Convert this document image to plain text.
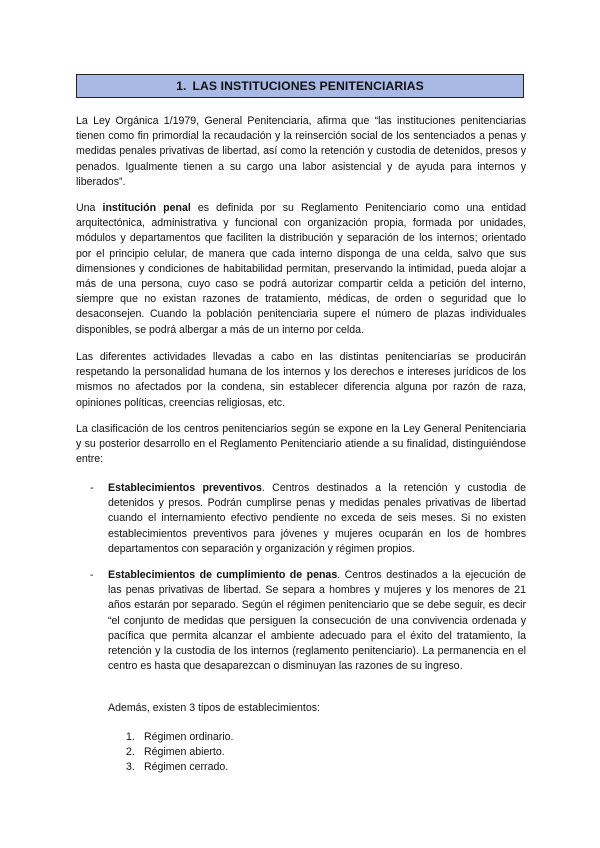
1. LAS INSTITUCIONES PENITENCIARIAS

La Ley Orgánica 1/1979, General Penitenciaria, afirma que “las instituciones penitenciarias tienen como fin primordial la recaudación y la reinserción social de los sentenciados a penas y medidas penales privativas de libertad, así como la retención y custodia de detenidos, presos y penados. Igualmente tienen a su cargo una labor asistencial y de ayuda para internos y liberados”.

Una institución penal es definida por su Reglamento Penitenciario como una entidad arquitectónica, administrativa y funcional con organización propia, formada por unidades, módulos y departamentos que faciliten la distribución y separación de los internos; orientado por el principio celular, de manera que cada interno disponga de una celda, salvo que sus dimensiones y condiciones de habitabilidad permitan, preservando la intimidad, pueda alojar a más de una persona, cuyo caso se podrá autorizar compartir celda a petición del interno, siempre que no existan razones de tratamiento, médicas, de orden o seguridad que lo desaconsejen. Cuando la población penitenciaria supere el número de plazas individuales disponibles, se podrá albergar a más de un interno por celda.

Las diferentes actividades llevadas a cabo en las distintas penitenciarías se producirán respetando la personalidad humana de los internos y los derechos e intereses jurídicos de los mismos no afectados por la condena, sin establecer diferencia alguna por razón de raza, opiniones políticas, creencias religiosas, etc.

La clasificación de los centros penitenciarios según se expone en la Ley General Penitenciaria y su posterior desarrollo en el Reglamento Penitenciario atiende a su finalidad, distinguiéndose entre:

- Establecimientos preventivos. Centros destinados a la retención y custodia de detenidos y presos. Podrán cumplirse penas y medidas penales privativas de libertad cuando el internamiento efectivo pendiente no exceda de seis meses. Si no existen establecimientos preventivos para jóvenes y mujeres ocuparán en los de hombres departamentos con separación y organización y régimen propios.

- Establecimientos de cumplimiento de penas. Centros destinados a la ejecución de las penas privativas de libertad. Se separa a hombres y mujeres y los menores de 21 años estarán por separado. Según el régimen penitenciario que se debe seguir, es decir “el conjunto de medidas que persiguen la consecución de una convivencia ordenada y pacífica que permita alcanzar el ambiente adecuado para el éxito del tratamiento, la retención y la custodia de los internos (reglamento penitenciario). La permanencia en el centro es hasta que desaparezcan o disminuyan las razones de su ingreso.

Además, existen 3 tipos de establecimientos:

1. Régimen ordinario.
2. Régimen abierto.
3. Régimen cerrado.
